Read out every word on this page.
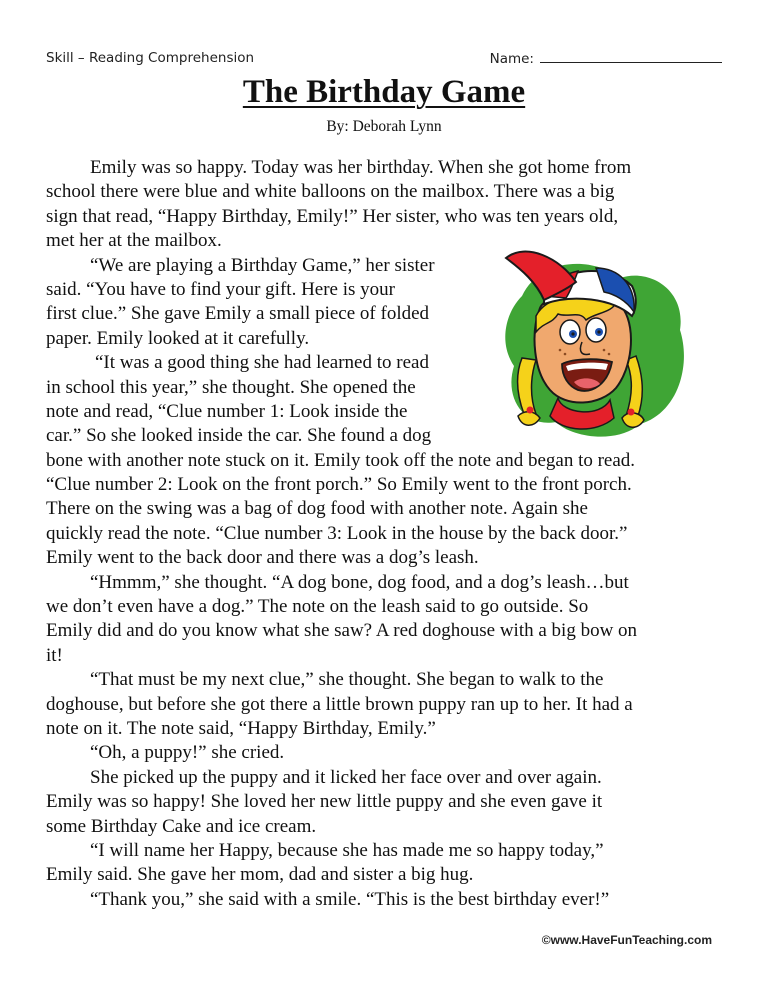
Skill – Reading Comprehension	Name:
The Birthday Game
By: Deborah Lynn
Emily was so happy. Today was her birthday. When she got home from
school there were blue and white balloons on the mailbox. There was a big
sign that read, “Happy Birthday, Emily!” Her sister, who was ten years old,
met her at the mailbox.
“We are playing a Birthday Game,” her sister
said. “You have to find your gift. Here is your
first clue.” She gave Emily a small piece of folded
paper. Emily looked at it carefully.
“It was a good thing she had learned to read
in school this year,” she thought. She opened the
note and read, “Clue number 1: Look inside the
car.” So she looked inside the car. She found a dog
bone with another note stuck on it. Emily took off the note and began to read.
“Clue number 2: Look on the front porch.” So Emily went to the front porch.
There on the swing was a bag of dog food with another note. Again she
quickly read the note. “Clue number 3: Look in the house by the back door.”
Emily went to the back door and there was a dog’s leash.
“Hmmm,” she thought. “A dog bone, dog food, and a dog’s leash…but
we don’t even have a dog.” The note on the leash said to go outside. So
Emily did and do you know what she saw? A red doghouse with a big bow on
it!
“That must be my next clue,” she thought. She began to walk to the
doghouse, but before she got there a little brown puppy ran up to her. It had a
note on it. The note said, “Happy Birthday, Emily.”
“Oh, a puppy!” she cried.
She picked up the puppy and it licked her face over and over again.
Emily was so happy! She loved her new little puppy and she even gave it
some Birthday Cake and ice cream.
“I will name her Happy, because she has made me so happy today,”
Emily said. She gave her mom, dad and sister a big hug.
“Thank you,” she said with a smile. “This is the best birthday ever!”
©www.HaveFunTeaching.com
